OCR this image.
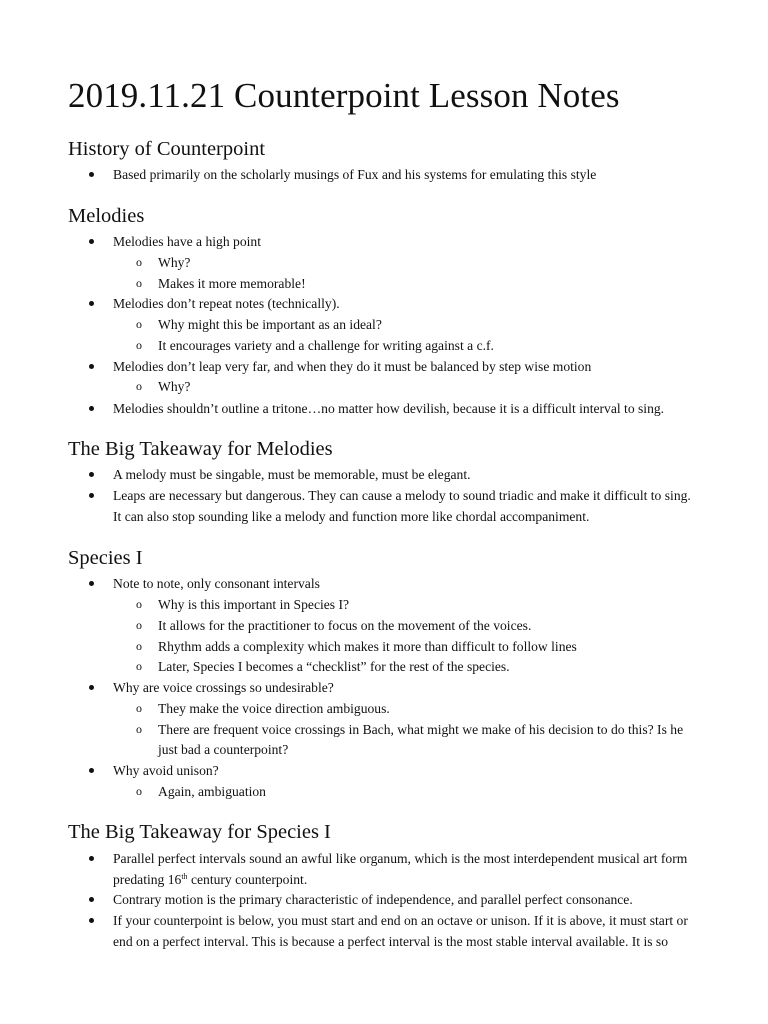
2019.11.21 Counterpoint Lesson Notes
History of Counterpoint
Based primarily on the scholarly musings of Fux and his systems for emulating this style
Melodies
Melodies have a high point
o Why?
o Makes it more memorable!
Melodies don’t repeat notes (technically).
o Why might this be important as an ideal?
o It encourages variety and a challenge for writing against a c.f.
Melodies don’t leap very far, and when they do it must be balanced by step wise motion
o Why?
Melodies shouldn’t outline a tritone…no matter how devilish, because it is a difficult interval to sing.
The Big Takeaway for Melodies
A melody must be singable, must be memorable, must be elegant.
Leaps are necessary but dangerous. They can cause a melody to sound triadic and make it difficult to sing.
It can also stop sounding like a melody and function more like chordal accompaniment.
Species I
Note to note, only consonant intervals
o Why is this important in Species I?
o It allows for the practitioner to focus on the movement of the voices.
o Rhythm adds a complexity which makes it more than difficult to follow lines
o Later, Species I becomes a “checklist” for the rest of the species.
Why are voice crossings so undesirable?
o They make the voice direction ambiguous.
o There are frequent voice crossings in Bach, what might we make of his decision to do this? Is he
just bad a counterpoint?
Why avoid unison?
o Again, ambiguation
The Big Takeaway for Species I
Parallel perfect intervals sound an awful like organum, which is the most interdependent musical art form
predating 16th century counterpoint.
Contrary motion is the primary characteristic of independence, and parallel perfect consonance.
If your counterpoint is below, you must start and end on an octave or unison. If it is above, it must start or
end on a perfect interval. This is because a perfect interval is the most stable interval available. It is so
